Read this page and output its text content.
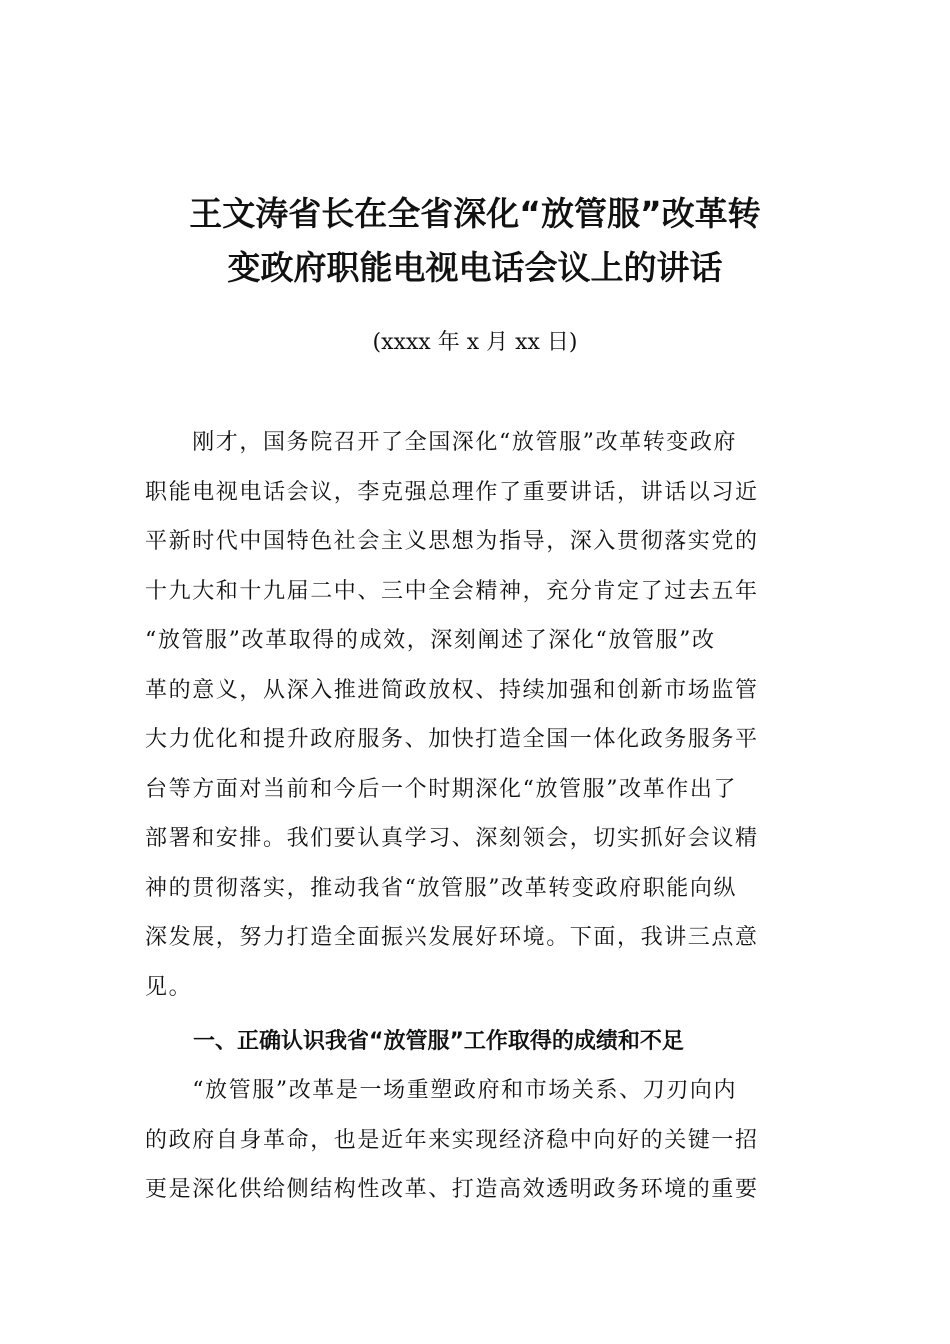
王文涛省长在全省深化“放管服”改革转
变政府职能电视电话会议上的讲话

(xxxx 年 x 月 xx 日)

　　刚才，国务院召开了全国深化“放管服”改革转变政府
职能电视电话会议，李克强总理作了重要讲话，讲话以习近
平新时代中国特色社会主义思想为指导，深入贯彻落实党的
十九大和十九届二中、三中全会精神，充分肯定了过去五年
“放管服”改革取得的成效，深刻阐述了深化“放管服”改
革的意义，从深入推进简政放权、持续加强和创新市场监管
大力优化和提升政府服务、加快打造全国一体化政务服务平
台等方面对当前和今后一个时期深化“放管服”改革作出了
部署和安排。我们要认真学习、深刻领会，切实抓好会议精
神的贯彻落实，推动我省“放管服”改革转变政府职能向纵
深发展，努力打造全面振兴发展好环境。下面，我讲三点意
见。
一、正确认识我省“放管服”工作取得的成绩和不足
　　“放管服”改革是一场重塑政府和市场关系、刀刃向内
的政府自身革命，也是近年来实现经济稳中向好的关键一招
更是深化供给侧结构性改革、打造高效透明政务环境的重要
